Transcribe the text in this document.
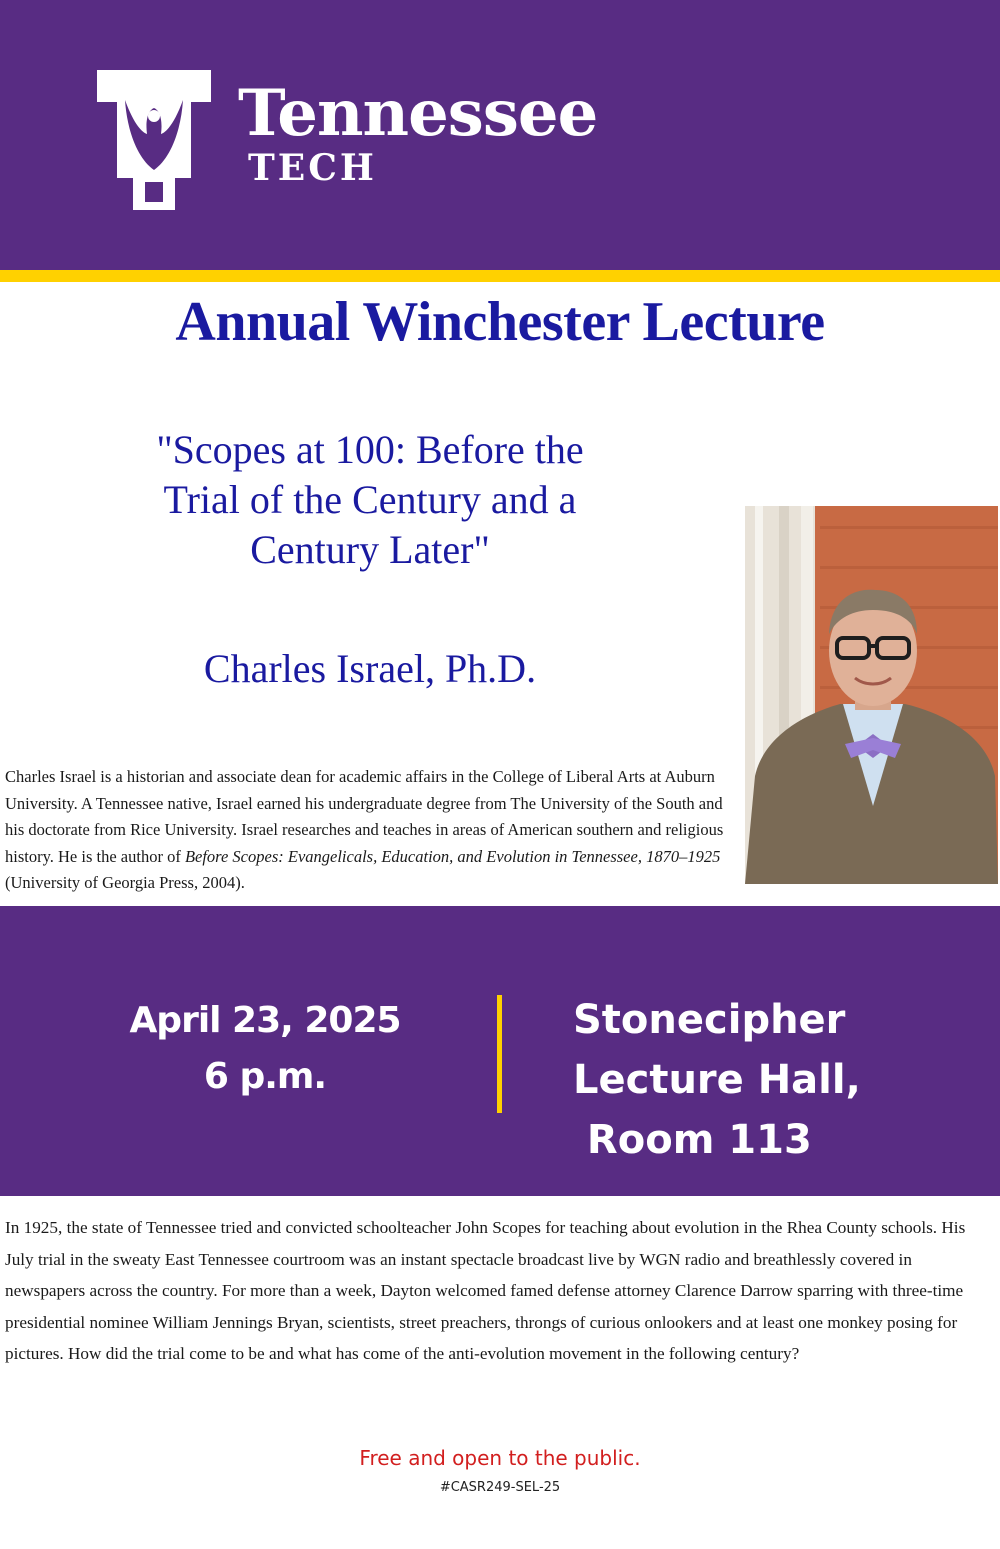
Tennessee
TECH
Annual Winchester Lecture
"Scopes at 100: Before the
Trial of the Century and a
Century Later"
Charles Israel, Ph.D.
Charles Israel is a historian and associate dean for academic affairs in the College of Liberal Arts at Auburn University. A Tennessee native, Israel earned his undergraduate degree from The University of the South and his doctorate from Rice University. Israel researches and teaches in areas of American southern and religious history. He is the author of Before Scopes: Evangelicals, Education, and Evolution in Tennessee, 1870–1925 (University of Georgia Press, 2004).
April 23, 2025
6 p.m.
Stonecipher
Lecture Hall,
Room 113
In 1925, the state of Tennessee tried and convicted schoolteacher John Scopes for teaching about evolution in the Rhea County schools. His July trial in the sweaty East Tennessee courtroom was an instant spectacle broadcast live by WGN radio and breathlessly covered in newspapers across the country. For more than a week, Dayton welcomed famed defense attorney Clarence Darrow sparring with three-time presidential nominee William Jennings Bryan, scientists, street preachers, throngs of curious onlookers and at least one monkey posing for pictures. How did the trial come to be and what has come of the anti-evolution movement in the following century?
Free and open to the public.
#CASR249-SEL-25
